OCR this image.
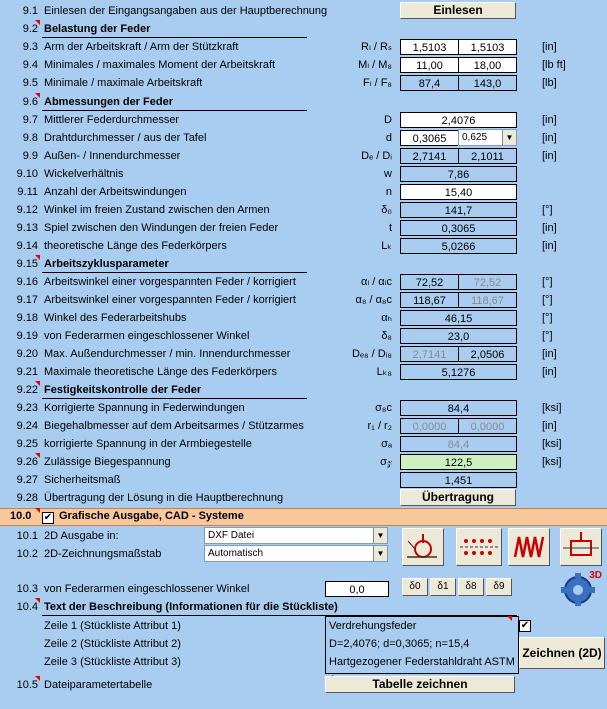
9.1 Einlesen der Eingangsangaben aus der Hauptberechnung	Einlesen
9.2 Belastung der Feder
9.3 Arm der Arbeitskraft / Arm der Stützkraft	Rₗ / Rₛ	1,5103	1,5103	[in]
9.4 Minimales / maximales Moment der Arbeitskraft	Mₗ / M₈	11,00	18,00	[lb ft]
9.5 Minimale / maximale Arbeitskraft	Fₗ / F₈	87,4	143,0	[lb]
9.6 Abmessungen der Feder
9.7 Mittlerer Federdurchmesser	D	2,4076	[in]
9.8 Drahtdurchmesser / aus der Tafel	d	0,3065	0,625	▼	[in]
9.9 Außen- / Innendurchmesser	Dₑ / Dᵢ	2,7141	2,1011	[in]
9.10 Wickelverhältnis	w	7,86
9.11 Anzahl der Arbeitswindungen	n	15,40
9.12 Winkel im freien Zustand zwischen den Armen	δ₀	141,7	[°]
9.13 Spiel zwischen den Windungen der freien Feder	t	0,3065	[in]
9.14 theoretische Länge des Federkörpers	Lₖ	5,0266	[in]
9.15 Arbeitszyklusparameter
9.16 Arbeitswinkel einer vorgespannten Feder / korrigiert	αₗ / αₗc	72,52	72,52	[°]
9.17 Arbeitswinkel einer vorgespannten Feder / korrigiert	α₈ / α₈c	118,67	118,67	[°]
9.18 Winkel des Federarbeitshubs	αₕ	46,15	[°]
9.19 von Federarmen eingeschlossener Winkel	δ₈	23,0	[°]
9.20 Max. Außendurchmesser / min. Innendurchmesser	Dₑ₈ / Dᵢ₈	2,7141	2,0506	[in]
9.21 Maximale theoretische Länge des Federkörpers	Lₖ₈	5,1276	[in]
9.22 Festigkeitskontrolle der Feder
9.23 Korrigierte Spannung in Federwindungen	σ₈c	84,4	[ksi]
9.24 Biegehalbmesser auf dem Arbeitsarmes / Stützarmes	r₁ / r₂	0,0000	0,0000	[in]
9.25 korrigierte Spannung in der Armbiegestelle	σₐ	84,4	[ksi]
9.26 Zulässige Biegespannung	σ𝓏	122,5	[ksi]
9.27 Sicherheitsmaß	1,451
9.28 Übertragung der Lösung in die Hauptberechnung	Übertragung
10.0 ✔ Grafische Ausgabe, CAD - Systeme
10.1 2D Ausgabe in:	DXF Datei	▼
10.2 2D-Zeichnungsmaßstab	Automatisch	▼
3D
10.3 von Federarmen eingeschlossener Winkel	0,0	δ0	δ1	δ8	δ9
10.4 Text der Beschreibung (Informationen für die Stückliste)
Zeile 1 (Stückliste Attribut 1)	Verdrehungsfeder	✔
Zeile 2 (Stückliste Attribut 2)	D=2,4076; d=0,3065; n=15,4
Zeile 3 (Stückliste Attribut 3)	Hartgezogener Federstahldraht ASTM
Zeichnen (2D)
10.5 Dateiparametertabelle	Tabelle zeichnen
